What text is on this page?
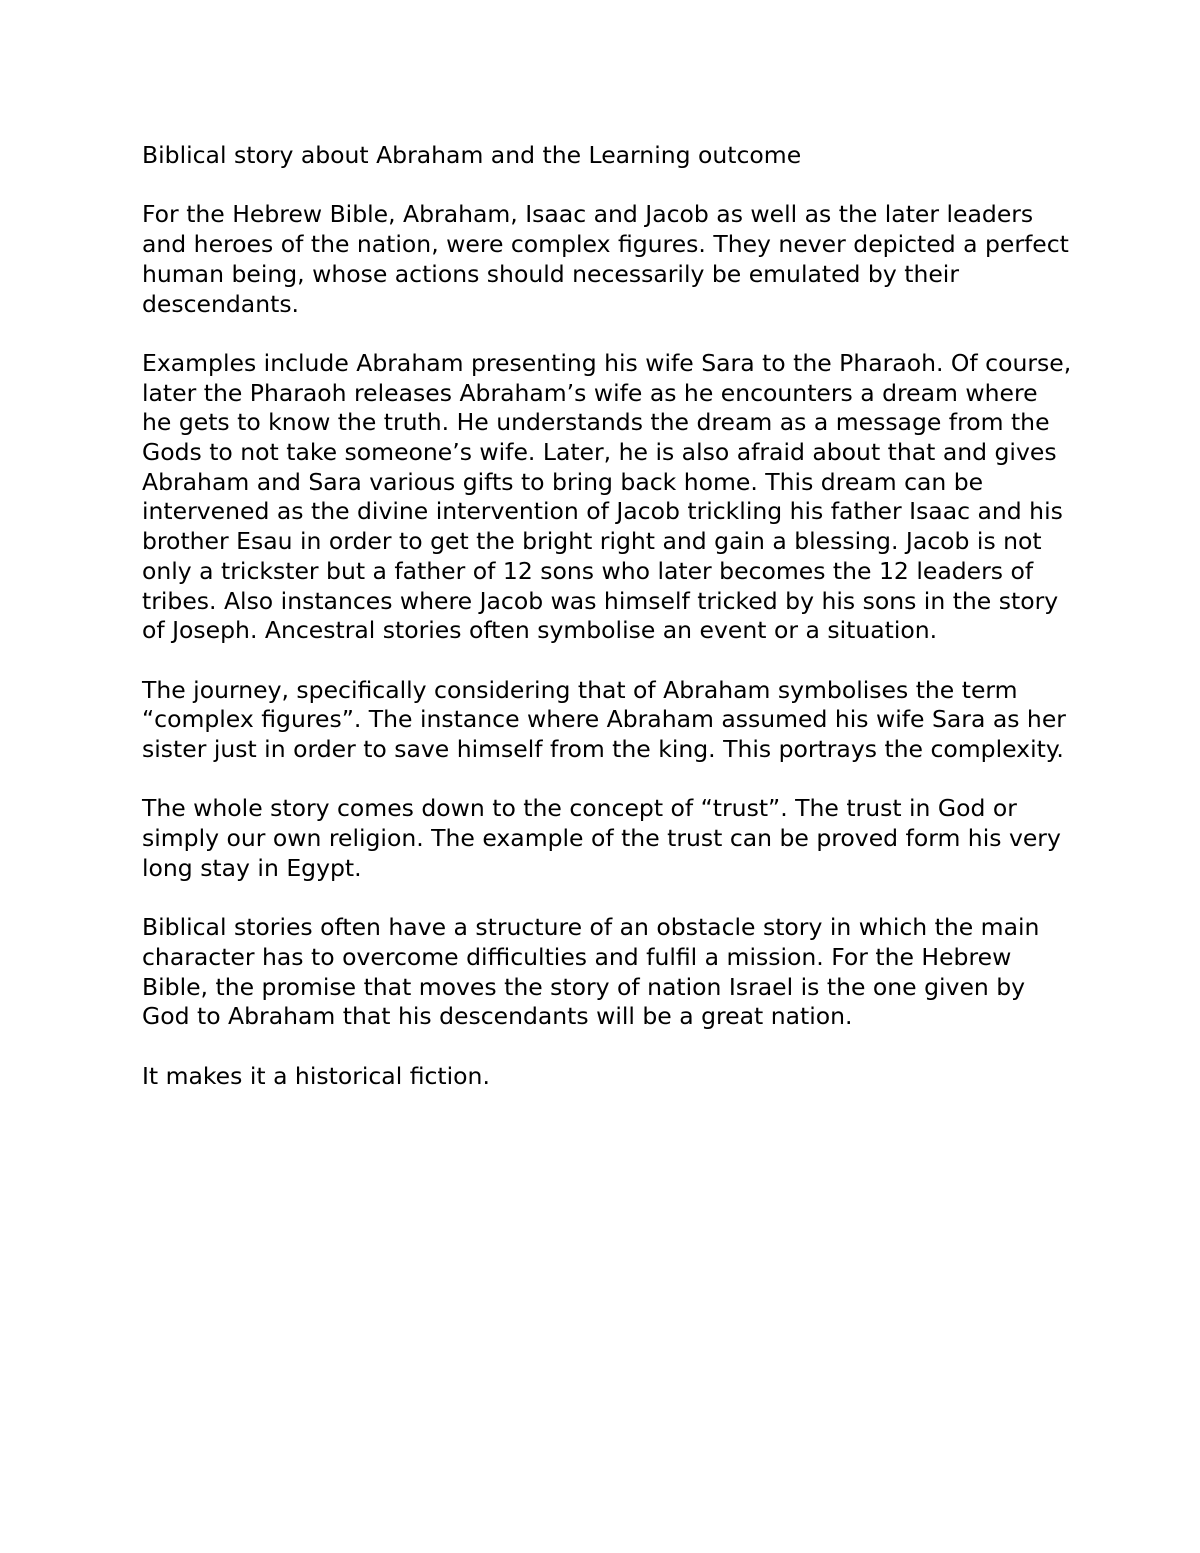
Biblical story about Abraham and the Learning outcome

For the Hebrew Bible, Abraham, Isaac and Jacob as well as the later leaders and heroes of the nation, were complex figures. They never depicted a perfect human being, whose actions should necessarily be emulated by their descendants.

Examples include Abraham presenting his wife Sara to the Pharaoh. Of course, later the Pharaoh releases Abraham’s wife as he encounters a dream where he gets to know the truth. He understands the dream as a message from the Gods to not take someone’s wife. Later, he is also afraid about that and gives Abraham and Sara various gifts to bring back home. This dream can be intervened as the divine intervention of Jacob trickling his father Isaac and his brother Esau in order to get the bright right and gain a blessing. Jacob is not only a trickster but a father of 12 sons who later becomes the 12 leaders of tribes. Also instances where Jacob was himself tricked by his sons in the story of Joseph. Ancestral stories often symbolise an event or a situation.

The journey, specifically considering that of Abraham symbolises the term “complex figures”. The instance where Abraham assumed his wife Sara as her sister just in order to save himself from the king. This portrays the complexity.

The whole story comes down to the concept of “trust”. The trust in God or simply our own religion. The example of the trust can be proved form his very long stay in Egypt.

Biblical stories often have a structure of an obstacle story in which the main character has to overcome difficulties and fulfil a mission. For the Hebrew Bible, the promise that moves the story of nation Israel is the one given by God to Abraham that his descendants will be a great nation.

It makes it a historical fiction.
